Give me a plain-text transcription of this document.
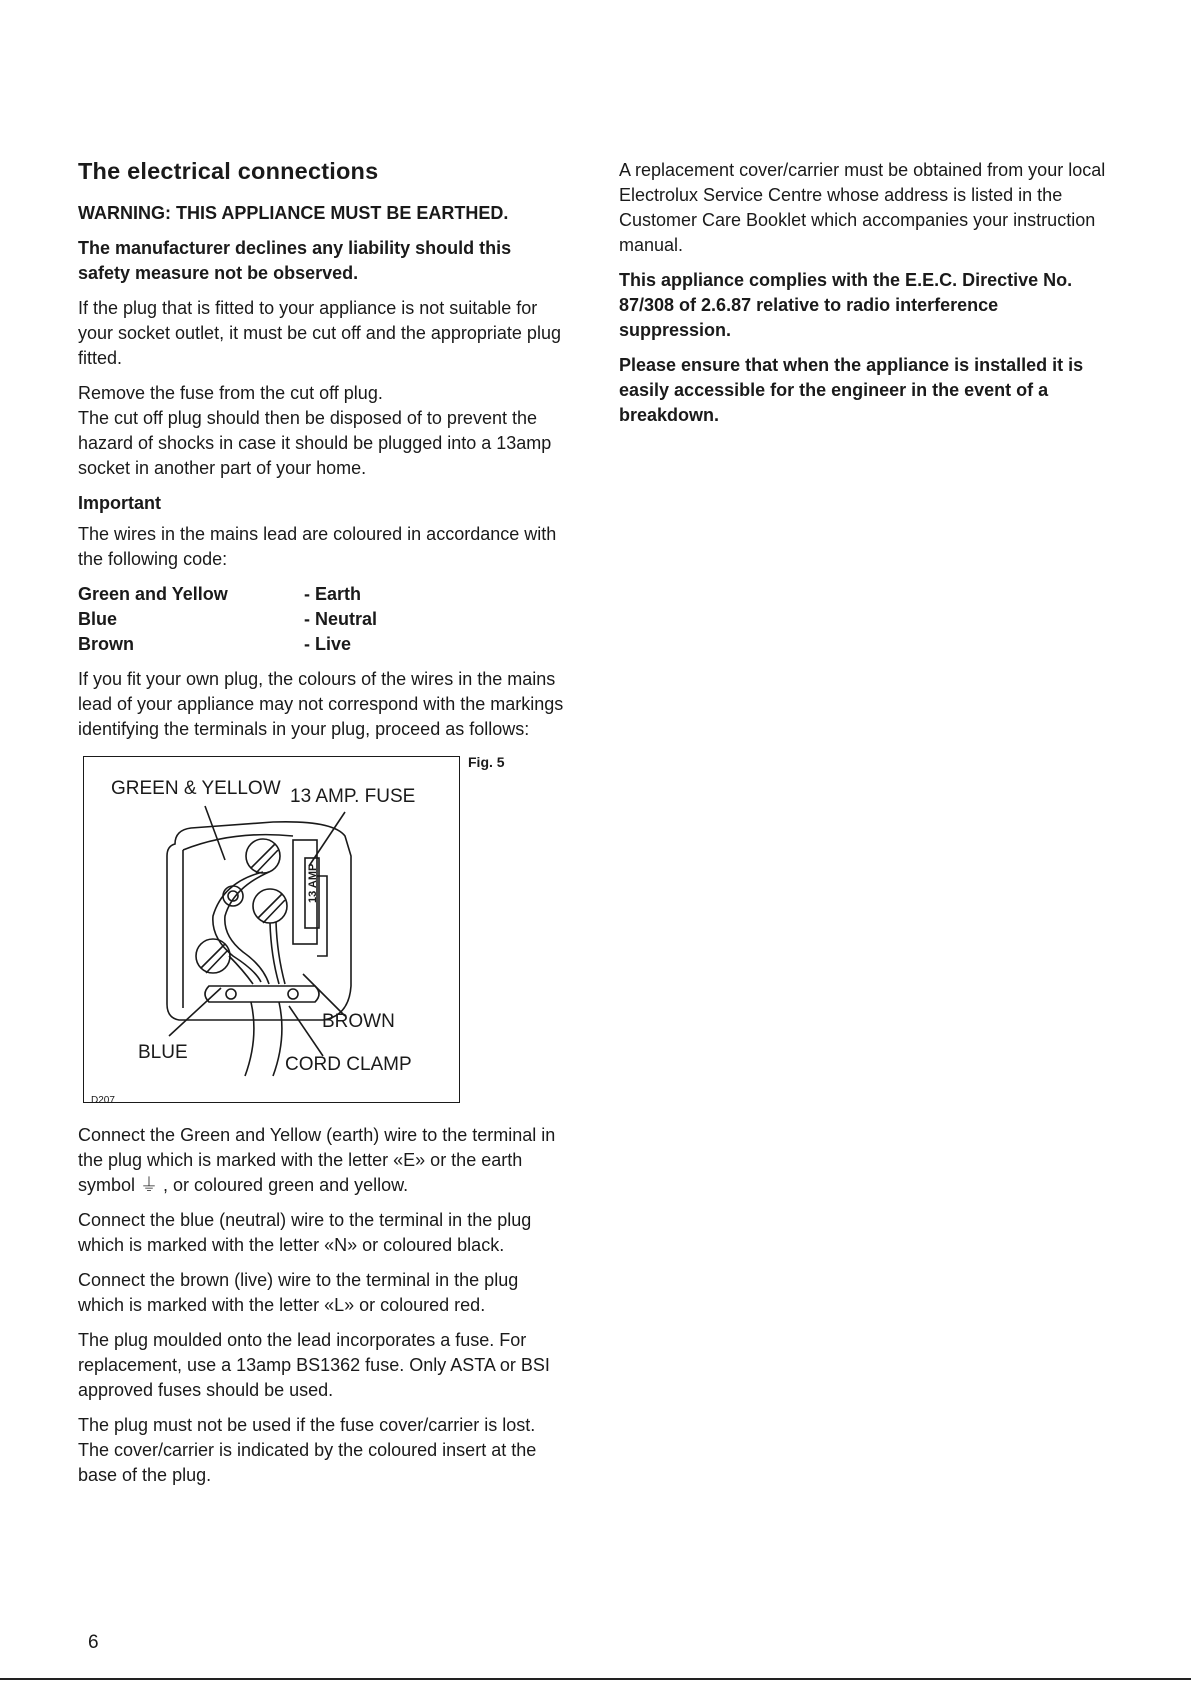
The electrical connections

WARNING: THIS APPLIANCE MUST BE EARTHED.

The manufacturer declines any liability should this safety measure not be observed.

If the plug that is fitted to your appliance is not suitable for your socket outlet, it must be cut off and the appropriate plug fitted.

Remove the fuse from the cut off plug.

The cut off plug should then be disposed of to prevent the hazard of shocks in case it should be plugged into a 13amp socket in another part of your home.

Important

The wires in the mains lead are coloured in accordance with the following code:

Green and Yellow	- Earth
Blue	- Neutral
Brown	- Live

If you fit your own plug, the colours of the wires in the mains lead of your appliance may not correspond with the markings identifying the terminals in your plug, proceed as follows:

Fig. 5
D207
GREEN & YELLOW 13 AMP. FUSE
13 AMP
BROWN
BLUE
CORD CLAMP

Connect the Green and Yellow (earth) wire to the terminal in the plug which is marked with the letter «E» or the earth symbol ⏚ , or coloured green and yellow.

Connect the blue (neutral) wire to the terminal in the plug which is marked with the letter «N» or coloured black.

Connect the brown (live) wire to the terminal in the plug which is marked with the letter «L» or coloured red.

The plug moulded onto the lead incorporates a fuse. For replacement, use a 13amp BS1362 fuse. Only ASTA or BSI approved fuses should be used.

The plug must not be used if the fuse cover/carrier is lost. The cover/carrier is indicated by the coloured insert at the base of the plug.

A replacement cover/carrier must be obtained from your local Electrolux Service Centre whose address is listed in the Customer Care Booklet which accompanies your instruction manual.

This appliance complies with the E.E.C. Directive No. 87/308 of 2.6.87 relative to radio interference suppression.

Please ensure that when the appliance is installed it is easily accessible for the engineer in the event of a breakdown.

6
